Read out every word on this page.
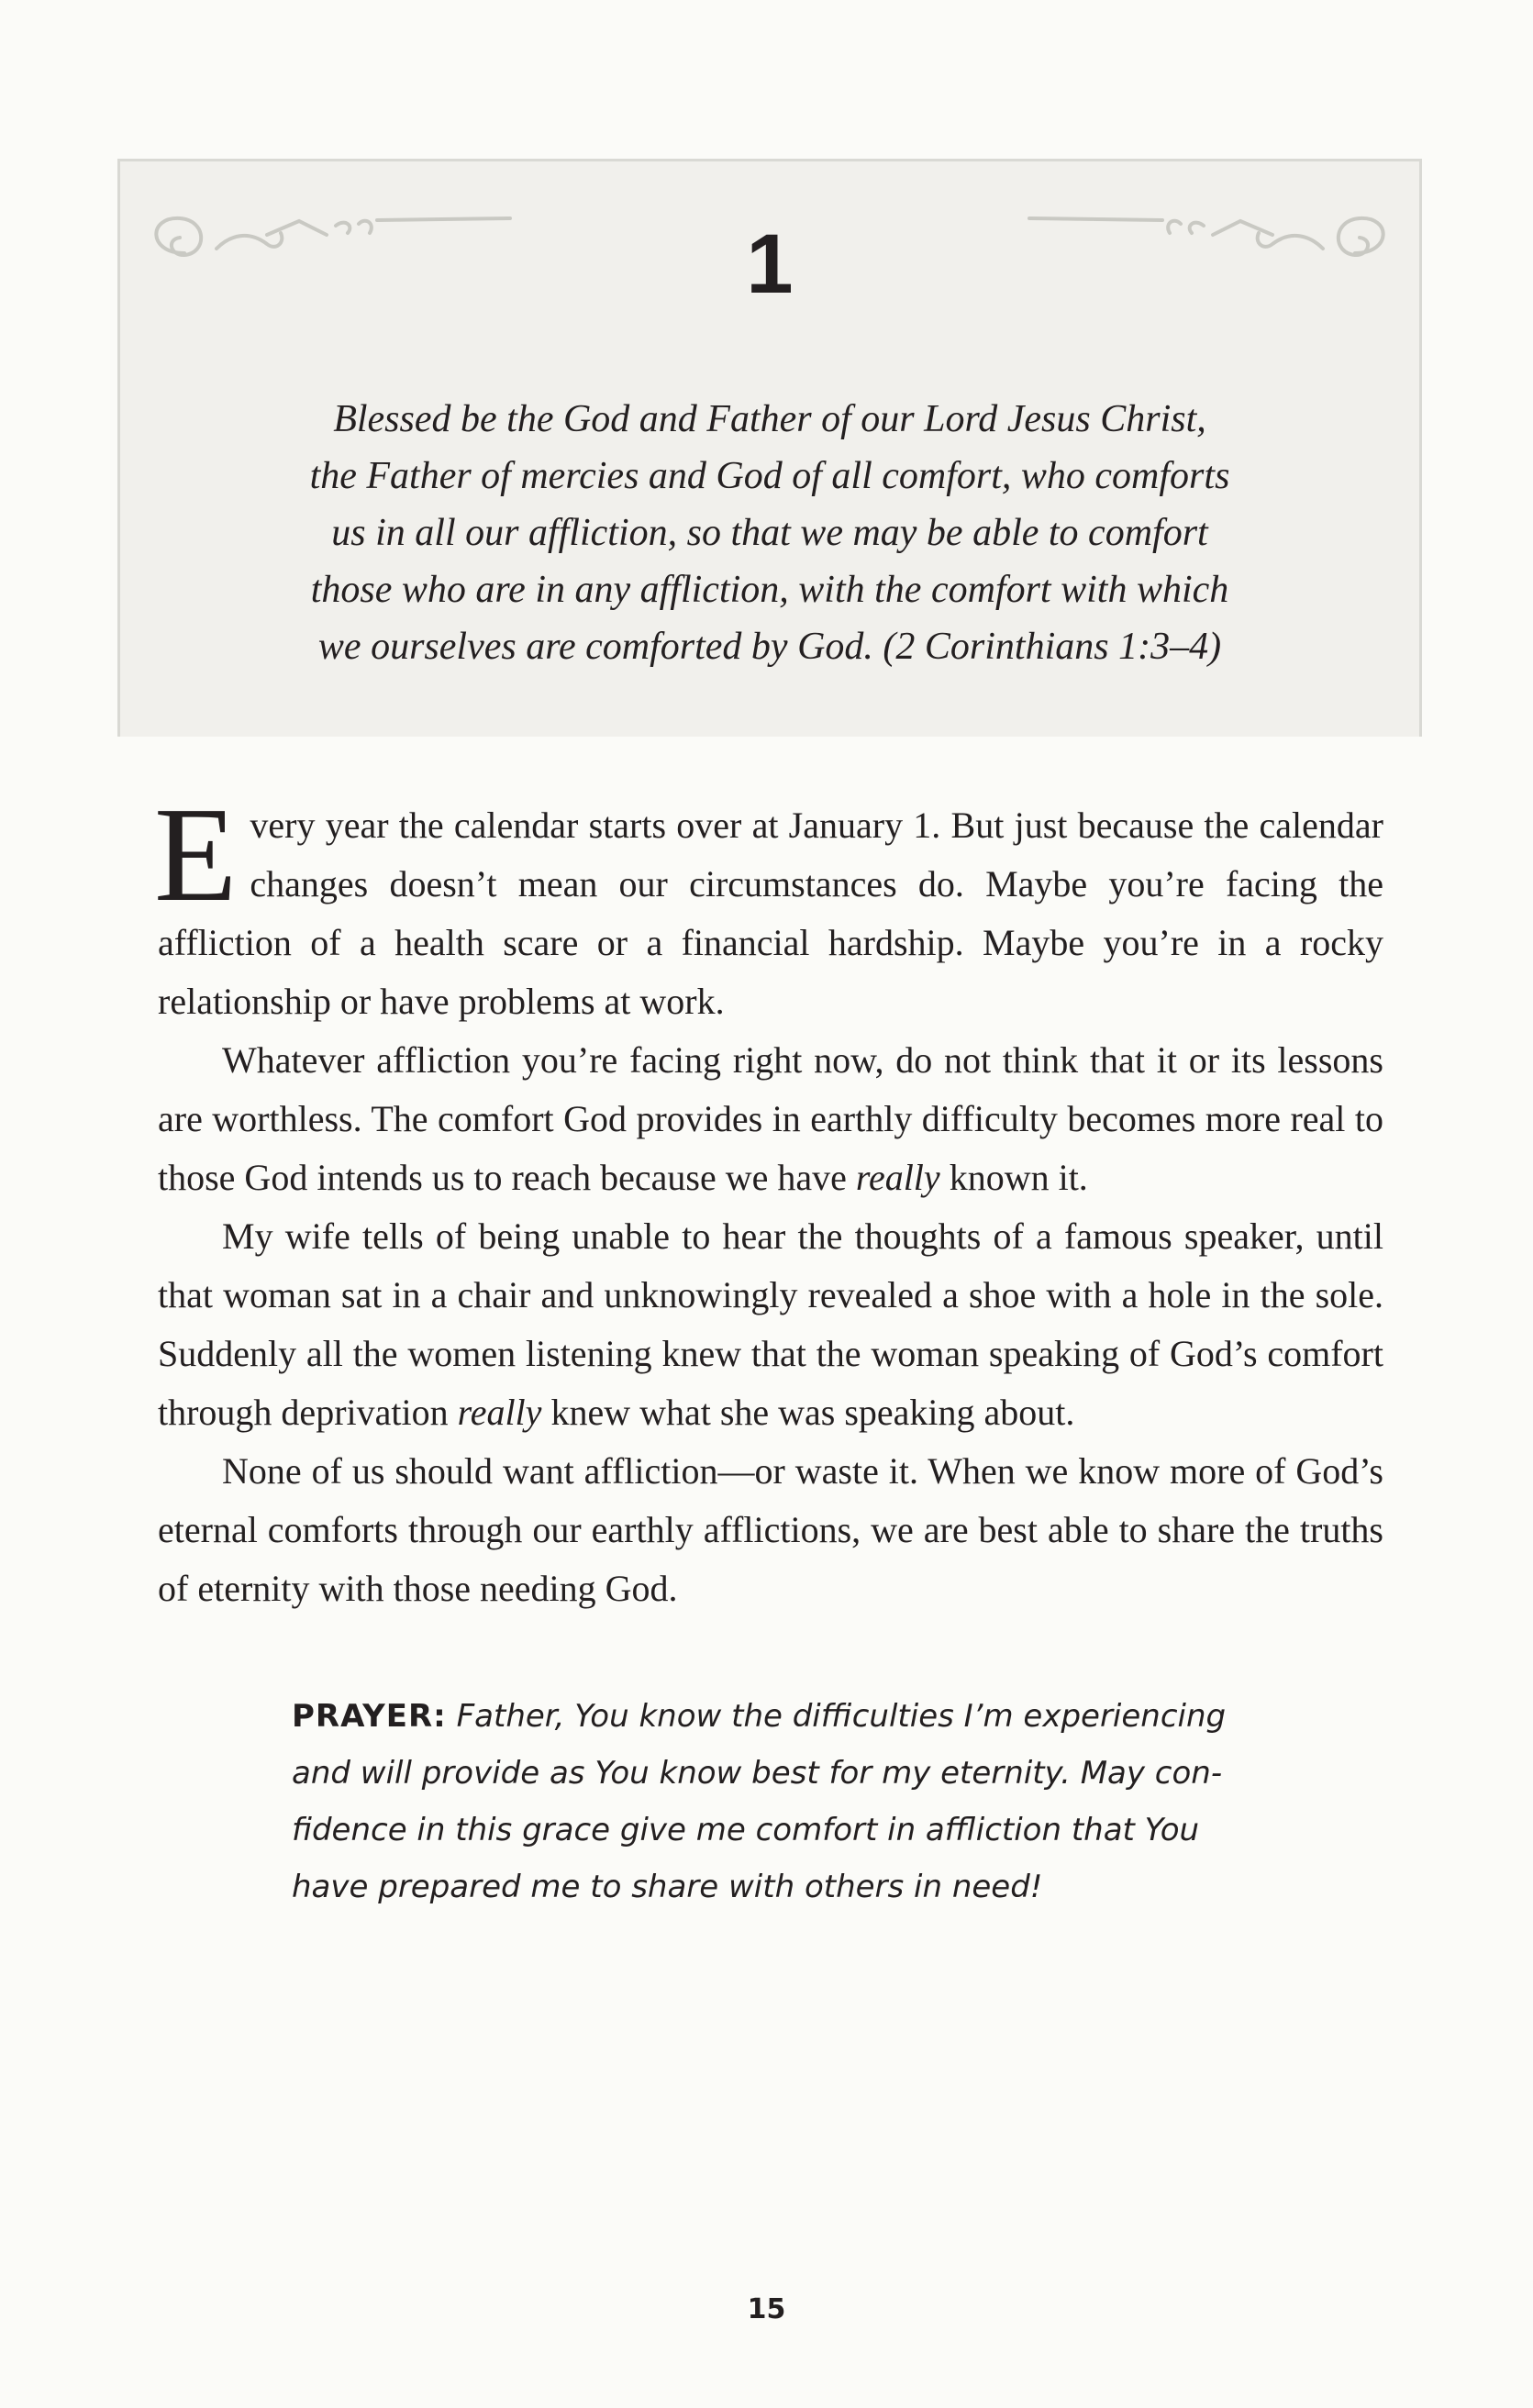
1
Blessed be the God and Father of our Lord Jesus Christ,
the Father of mercies and God of all comfort, who comforts
us in all our affliction, so that we may be able to comfort
those who are in any affliction, with the comfort with which
we ourselves are comforted by God. (2 Corinthians 1:3–4)

Every year the calendar starts over at January 1. But just because the calendar changes doesn’t mean our circumstances do. Maybe you’re facing the affliction of a health scare or a financial hardship. Maybe you’re in a rocky relationship or have problems at work.

Whatever affliction you’re facing right now, do not think that it or its lessons are worthless. The comfort God provides in earthly difficulty becomes more real to those God intends us to reach because we have really known it.

My wife tells of being unable to hear the thoughts of a famous speaker, until that woman sat in a chair and unknowingly revealed a shoe with a hole in the sole. Suddenly all the women listening knew that the woman speaking of God’s comfort through deprivation really knew what she was speaking about.

None of us should want affliction—or waste it. When we know more of God’s eternal comforts through our earthly afflictions, we are best able to share the truths of eternity with those needing God.

PRAYER: Father, You know the difficulties I’m experiencing
and will provide as You know best for my eternity. May con-
fidence in this grace give me comfort in affliction that You
have prepared me to share with others in need!
15
